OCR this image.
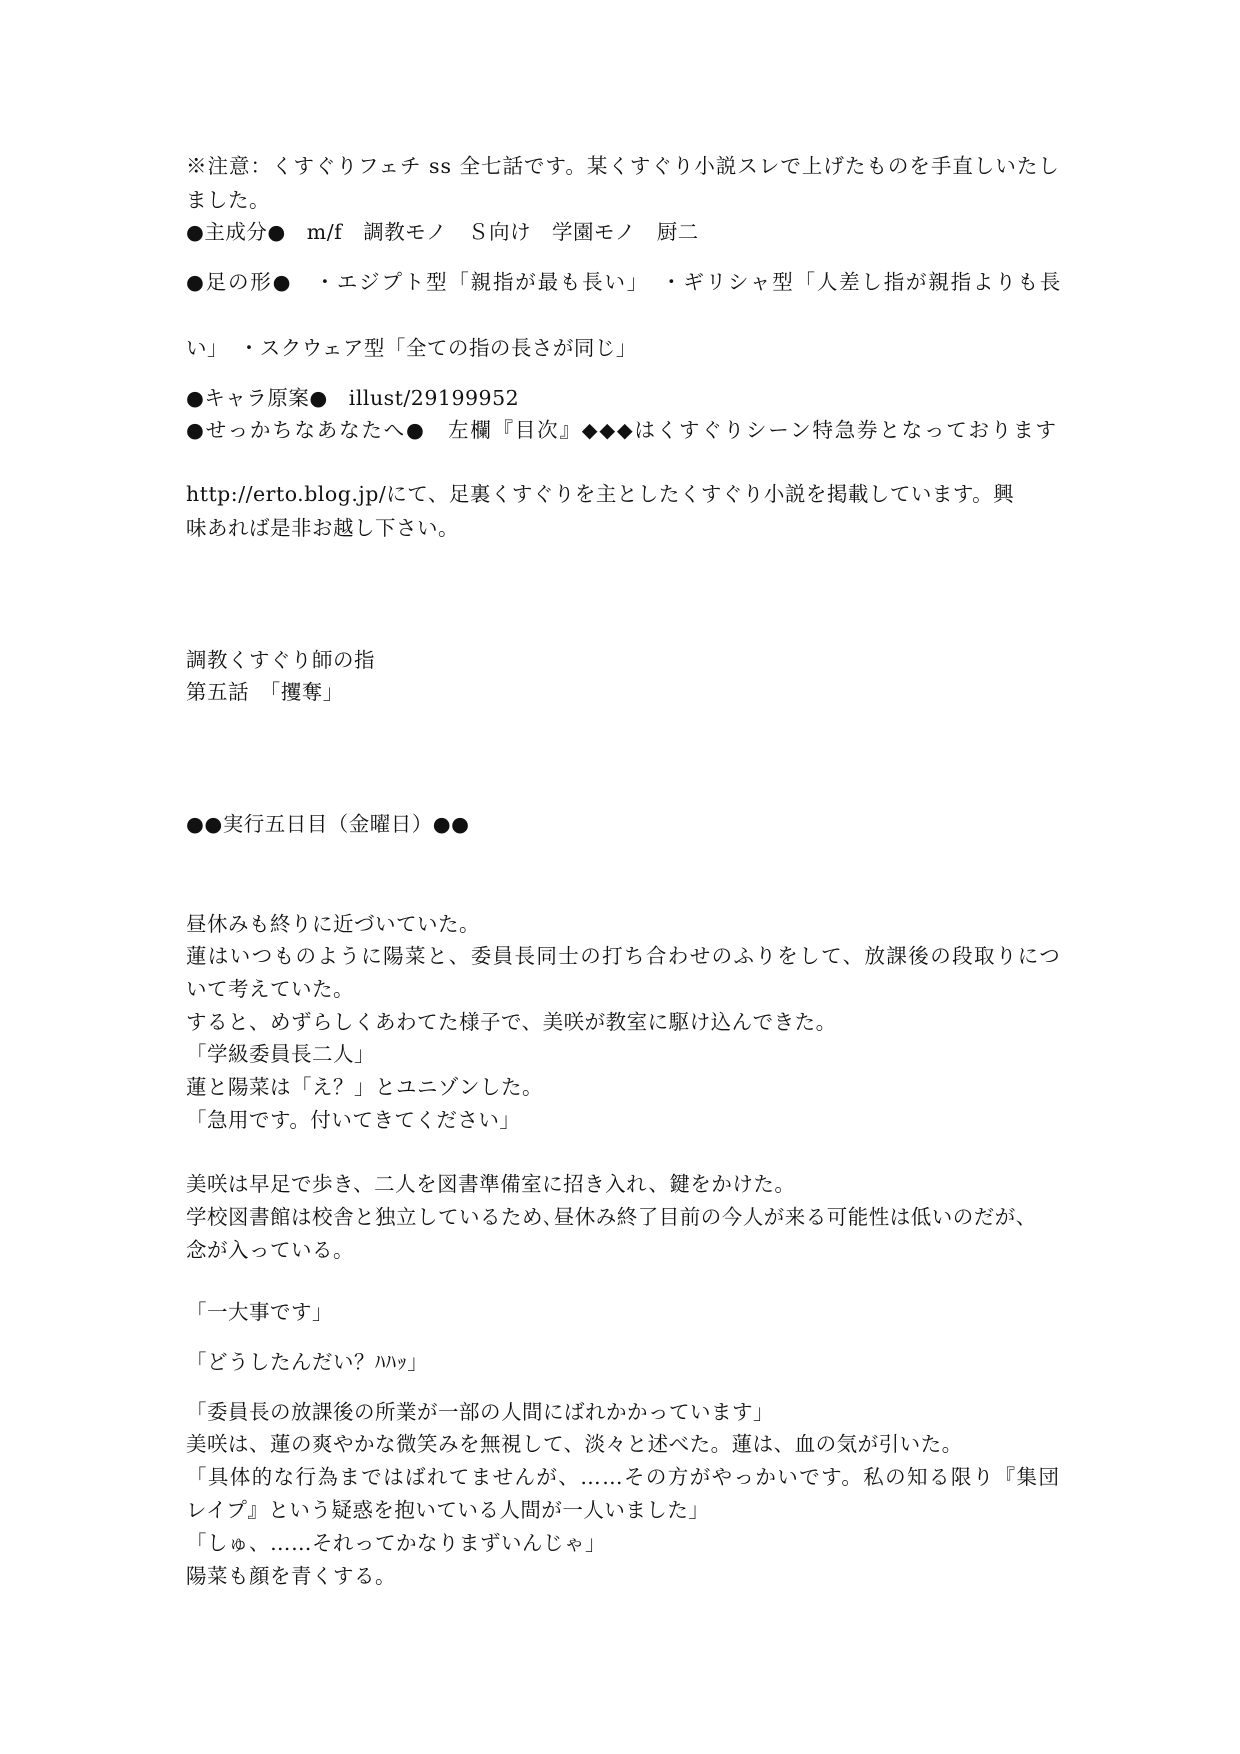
※注意：くすぐりフェチ ss 全七話です。某くすぐり小説スレで上げたものを手直しいたし
ました。
●主成分●　m/f　調教モノ　Ｓ向け　学園モノ　厨二
●足の形●　・エジプト型「親指が最も長い」　・ギリシャ型「人差し指が親指よりも長
い」　・スクウェア型「全ての指の長さが同じ」
●キャラ原案●　illust/29199952
●せっかちなあなたへ●　左欄『目次』◆◆◆はくすぐりシーン特急券となっております
http://erto.blog.jp/にて、足裏くすぐりを主としたくすぐり小説を掲載しています。興
味あれば是非お越し下さい。
調教くすぐり師の指
第五話　「攫奪」
●●実行五日目（金曜日）●●
昼休みも終りに近づいていた。
蓮はいつものように陽菜と、委員長同士の打ち合わせのふりをして、放課後の段取りにつ
いて考えていた。
すると、めずらしくあわてた様子で、美咲が教室に駆け込んできた。
「学級委員長二人」
蓮と陽菜は「え？」とユニゾンした。
「急用です。付いてきてください」
美咲は早足で歩き、二人を図書準備室に招き入れ、鍵をかけた。
学校図書館は校舎と独立しているため､昼休み終了目前の今人が来る可能性は低いのだが、
念が入っている。
「一大事です」
「どうしたんだい？ﾊﾊｯ」
「委員長の放課後の所業が一部の人間にばれかかっています」
美咲は、蓮の爽やかな微笑みを無視して、淡々と述べた。蓮は、血の気が引いた。
「具体的な行為まではばれてませんが、……その方がやっかいです。私の知る限り『集団
レイプ』という疑惑を抱いている人間が一人いました」
「しゅ、……それってかなりまずいんじゃ」
陽菜も顔を青くする。
